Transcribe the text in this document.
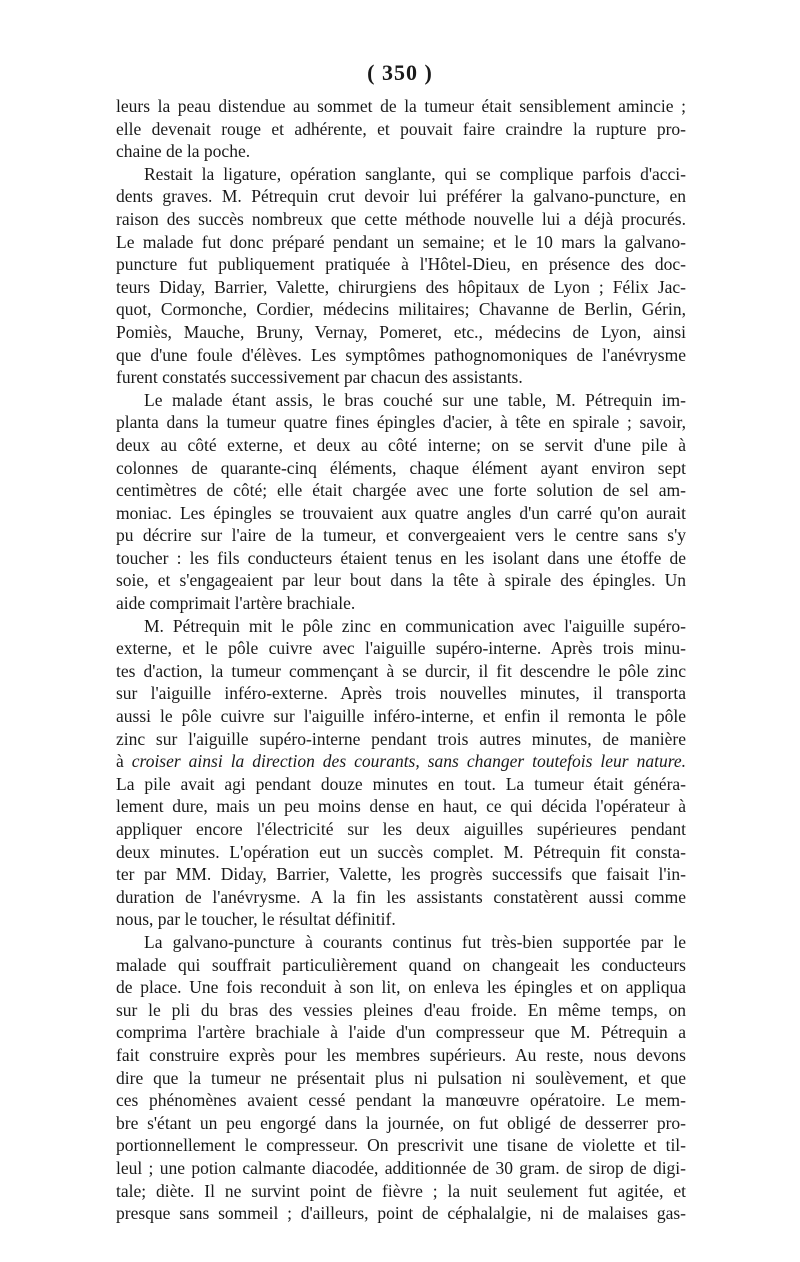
( 350 )
leurs la peau distendue au sommet de la tumeur était sensiblement amincie ;
elle devenait rouge et adhérente, et pouvait faire craindre la rupture pro-
chaine de la poche.
Restait la ligature, opération sanglante, qui se complique parfois d'acci-
dents graves. M. Pétrequin crut devoir lui préférer la galvano-puncture, en
raison des succès nombreux que cette méthode nouvelle lui a déjà procurés.
Le malade fut donc préparé pendant un semaine; et le 10 mars la galvano-
puncture fut publiquement pratiquée à l'Hôtel-Dieu, en présence des doc-
teurs Diday, Barrier, Valette, chirurgiens des hôpitaux de Lyon ; Félix Jac-
quot, Cormonche, Cordier, médecins militaires; Chavanne de Berlin, Gérin,
Pomiès, Mauche, Bruny, Vernay, Pomeret, etc., médecins de Lyon, ainsi
que d'une foule d'élèves. Les symptômes pathognomoniques de l'anévrysme
furent constatés successivement par chacun des assistants.
Le malade étant assis, le bras couché sur une table, M. Pétrequin im-
planta dans la tumeur quatre fines épingles d'acier, à tête en spirale ; savoir,
deux au côté externe, et deux au côté interne; on se servit d'une pile à
colonnes de quarante-cinq éléments, chaque élément ayant environ sept
centimètres de côté; elle était chargée avec une forte solution de sel am-
moniac. Les épingles se trouvaient aux quatre angles d'un carré qu'on aurait
pu décrire sur l'aire de la tumeur, et convergeaient vers le centre sans s'y
toucher : les fils conducteurs étaient tenus en les isolant dans une étoffe de
soie, et s'engageaient par leur bout dans la tête à spirale des épingles. Un
aide comprimait l'artère brachiale.
M. Pétrequin mit le pôle zinc en communication avec l'aiguille supéro-
externe, et le pôle cuivre avec l'aiguille supéro-interne. Après trois minu-
tes d'action, la tumeur commençant à se durcir, il fit descendre le pôle zinc
sur l'aiguille inféro-externe. Après trois nouvelles minutes, il transporta
aussi le pôle cuivre sur l'aiguille inféro-interne, et enfin il remonta le pôle
zinc sur l'aiguille supéro-interne pendant trois autres minutes, de manière
à croiser ainsi la direction des courants, sans changer toutefois leur nature.
La pile avait agi pendant douze minutes en tout. La tumeur était généra-
lement dure, mais un peu moins dense en haut, ce qui décida l'opérateur à
appliquer encore l'électricité sur les deux aiguilles supérieures pendant
deux minutes. L'opération eut un succès complet. M. Pétrequin fit consta-
ter par MM. Diday, Barrier, Valette, les progrès successifs que faisait l'in-
duration de l'anévrysme. A la fin les assistants constatèrent aussi comme
nous, par le toucher, le résultat définitif.
La galvano-puncture à courants continus fut très-bien supportée par le
malade qui souffrait particulièrement quand on changeait les conducteurs
de place. Une fois reconduit à son lit, on enleva les épingles et on appliqua
sur le pli du bras des vessies pleines d'eau froide. En même temps, on
comprima l'artère brachiale à l'aide d'un compresseur que M. Pétrequin a
fait construire exprès pour les membres supérieurs. Au reste, nous devons
dire que la tumeur ne présentait plus ni pulsation ni soulèvement, et que
ces phénomènes avaient cessé pendant la manœuvre opératoire. Le mem-
bre s'étant un peu engorgé dans la journée, on fut obligé de desserrer pro-
portionnellement le compresseur. On prescrivit une tisane de violette et til-
leul ; une potion calmante diacodée, additionnée de 30 gram. de sirop de digi-
tale; diète. Il ne survint point de fièvre ; la nuit seulement fut agitée, et
presque sans sommeil ; d'ailleurs, point de céphalalgie, ni de malaises gas-
